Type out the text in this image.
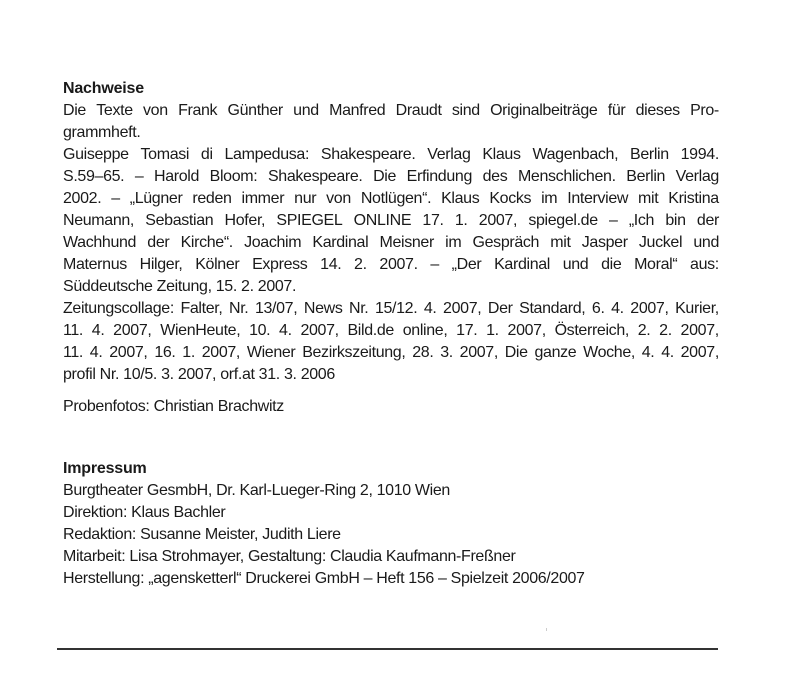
Nachweise
Die Texte von Frank Günther und Manfred Draudt sind Originalbeiträge für dieses Pro-
grammheft.
Guiseppe Tomasi di Lampedusa: Shakespeare. Verlag Klaus Wagenbach, Berlin 1994.
S.59–65. – Harold Bloom: Shakespeare. Die Erfindung des Menschlichen. Berlin Verlag
2002. – „Lügner reden immer nur von Notlügen“. Klaus Kocks im Interview mit Kristina
Neumann, Sebastian Hofer, SPIEGEL ONLINE 17. 1. 2007, spiegel.de – „Ich bin der
Wachhund der Kirche“. Joachim Kardinal Meisner im Gespräch mit Jasper Juckel und
Maternus Hilger, Kölner Express 14. 2. 2007. – „Der Kardinal und die Moral“ aus:
Süddeutsche Zeitung, 15. 2. 2007.
Zeitungscollage: Falter, Nr. 13/07, News Nr. 15/12. 4. 2007, Der Standard, 6. 4. 2007, Kurier,
11. 4. 2007, WienHeute, 10. 4. 2007, Bild.de online, 17. 1. 2007, Österreich, 2. 2. 2007,
11. 4. 2007, 16. 1. 2007, Wiener Bezirkszeitung, 28. 3. 2007, Die ganze Woche, 4. 4. 2007,
profil Nr. 10/5. 3. 2007, orf.at 31. 3. 2006
Probenfotos: Christian Brachwitz
Impressum
Burgtheater GesmbH, Dr. Karl-Lueger-Ring 2, 1010 Wien
Direktion: Klaus Bachler
Redaktion: Susanne Meister, Judith Liere
Mitarbeit: Lisa Strohmayer, Gestaltung: Claudia Kaufmann-Freßner
Herstellung: „agensketterl“ Druckerei GmbH – Heft 156 – Spielzeit 2006/2007
